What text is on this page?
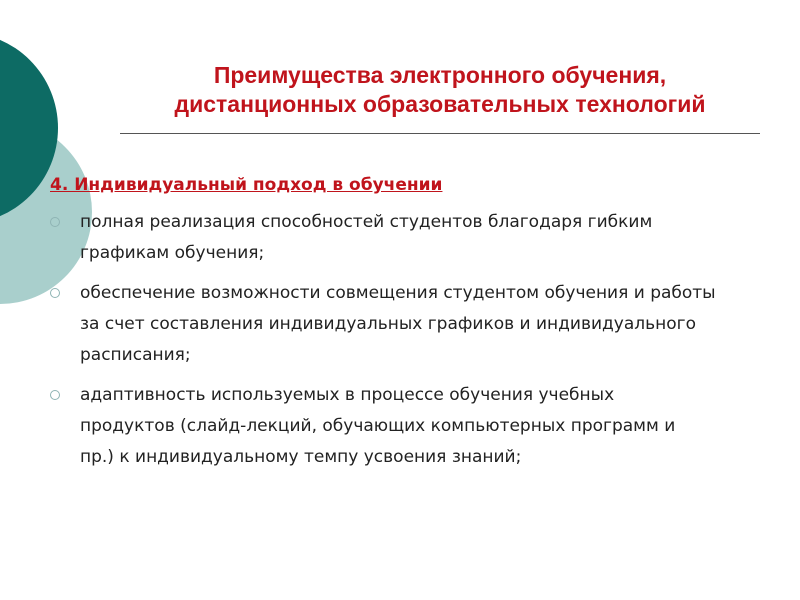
Преимущества электронного обучения,
дистанционных образовательных технологий
4. Индивидуальный подход в обучении
полная реализация способностей студентов благодаря гибким
графикам обучения;
обеспечение возможности совмещения студентом обучения и работы
за счет составления индивидуальных графиков и индивидуального
расписания;
адаптивность используемых в процессе обучения учебных
продуктов (слайд-лекций, обучающих компьютерных программ и
пр.) к индивидуальному темпу усвоения знаний;
